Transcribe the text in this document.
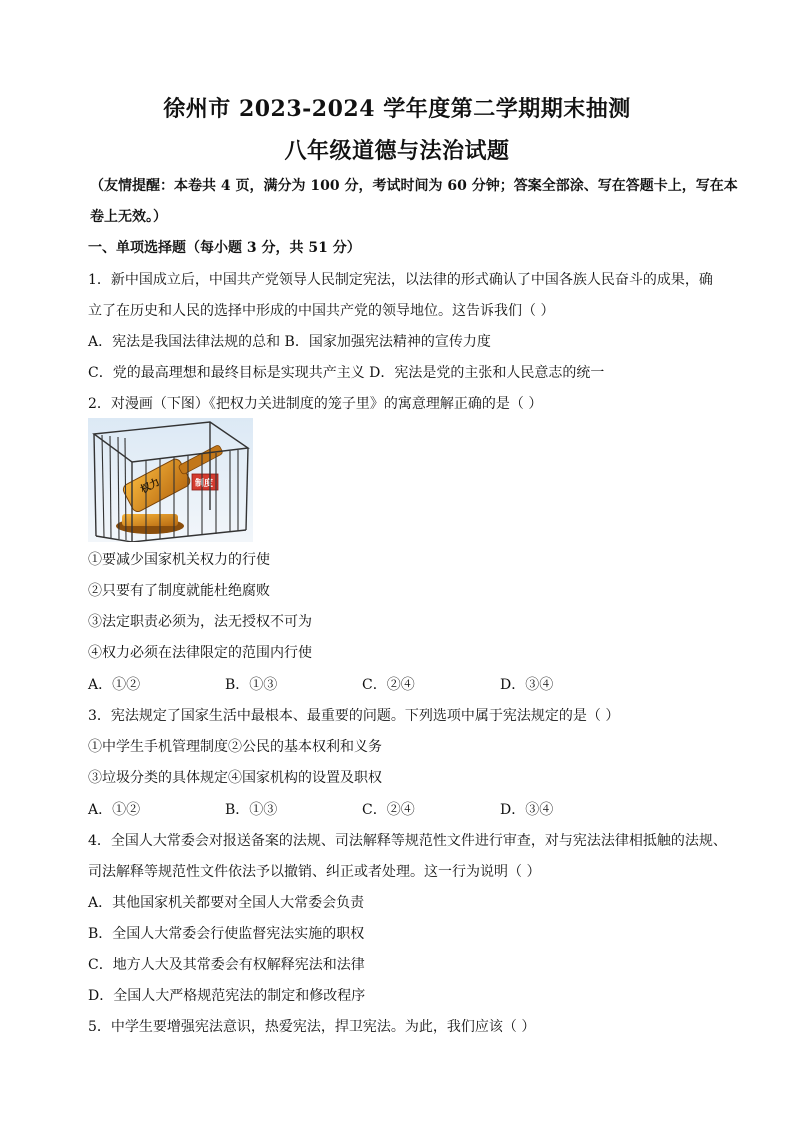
徐州市 2023-2024 学年度第二学期期末抽测
八年级道德与法治试题
（友情提醒：本卷共 4 页，满分为 100 分，考试时间为 60 分钟；答案全部涂、写在答题卡上，写在本
卷上无效。）
一、单项选择题（每小题 3 分，共 51 分）
1．新中国成立后，中国共产党领导人民制定宪法，以法律的形式确认了中国各族人民奋斗的成果，确
立了在历史和人民的选择中形成的中国共产党的领导地位。这告诉我们（ ）
A．宪法是我国法律法规的总和 B．国家加强宪法精神的宣传力度
C．党的最高理想和最终目标是实现共产主义 D．宪法是党的主张和人民意志的统一
2．对漫画（下图）《把权力关进制度的笼子里》的寓意理解正确的是（ ）
权力	制度
①要减少国家机关权力的行使
②只要有了制度就能杜绝腐败
③法定职责必须为，法无授权不可为
④权力必须在法律限定的范围内行使
A．①②	B．①③	C．②④	D．③④
3．宪法规定了国家生活中最根本、最重要的问题。下列选项中属于宪法规定的是（ ）
①中学生手机管理制度②公民的基本权利和义务
③垃圾分类的具体规定④国家机构的设置及职权
A．①②	B．①③	C．②④	D．③④
4．全国人大常委会对报送备案的法规、司法解释等规范性文件进行审查，对与宪法法律相抵触的法规、
司法解释等规范性文件依法予以撤销、纠正或者处理。这一行为说明（ ）
A．其他国家机关都要对全国人大常委会负责
B．全国人大常委会行使监督宪法实施的职权
C．地方人大及其常委会有权解释宪法和法律
D．全国人大严格规范宪法的制定和修改程序
5．中学生要增强宪法意识，热爱宪法，捍卫宪法。为此，我们应该（ ）
